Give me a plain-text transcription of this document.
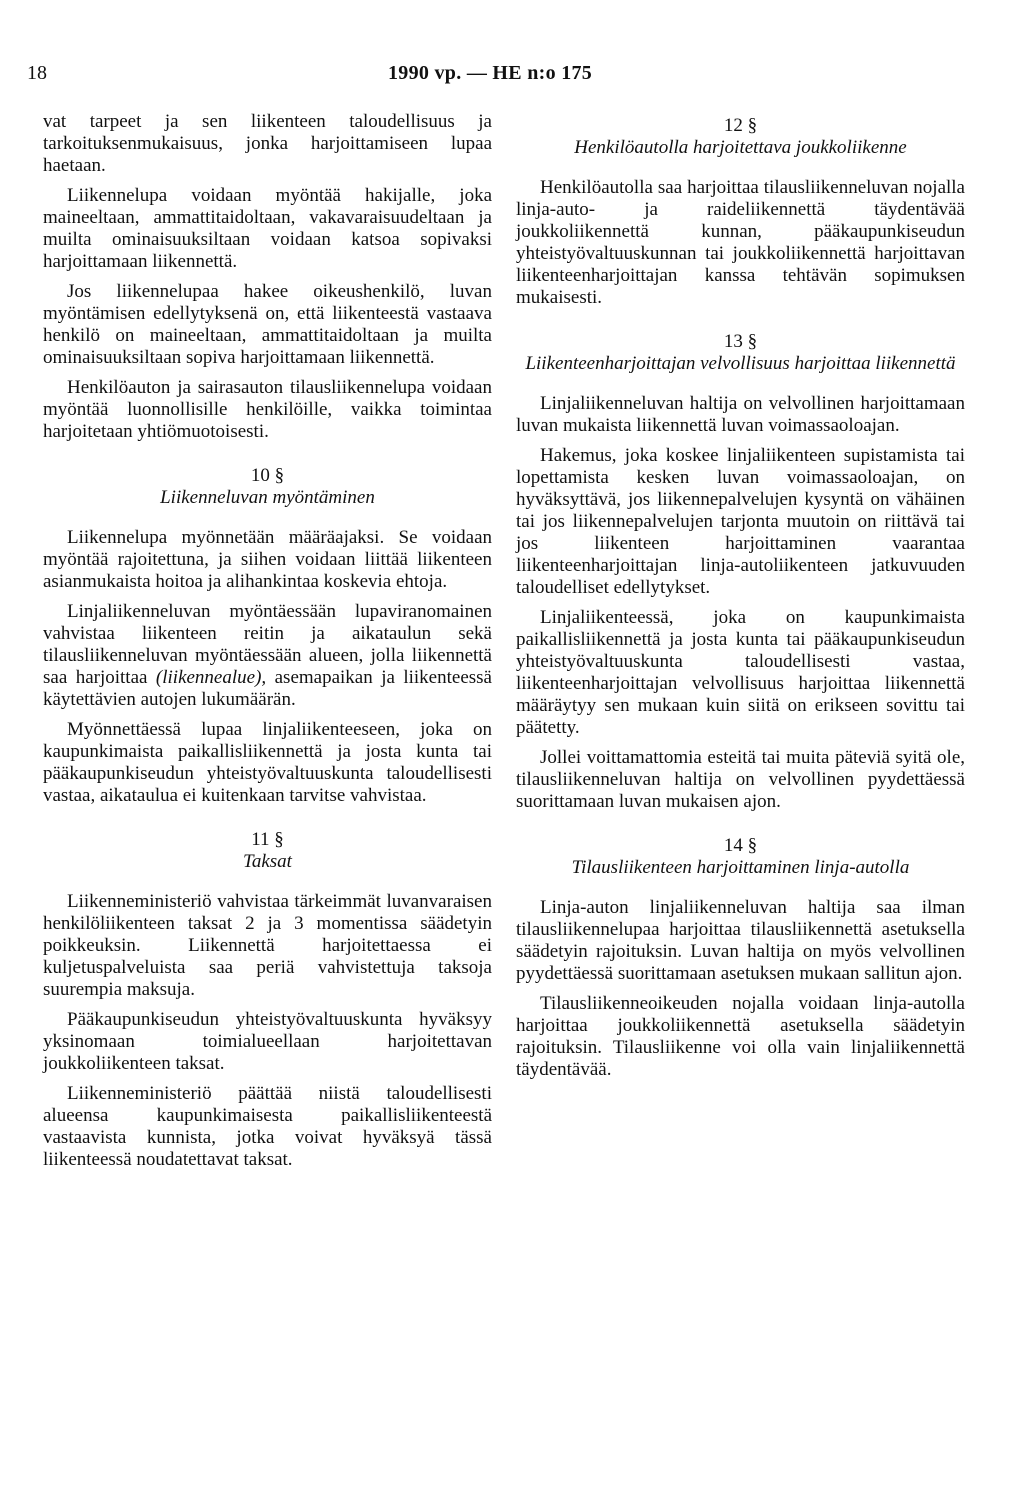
18	1990 vp. — HE n:o 175

vat tarpeet ja sen liikenteen taloudellisuus ja tarkoituksenmukaisuus, jonka harjoittamiseen lupaa haetaan.

Liikennelupa voidaan myöntää hakijalle, joka maineeltaan, ammattitaidoltaan, vakavaraisuudeltaan ja muilta ominaisuuksiltaan voidaan katsoa sopivaksi harjoittamaan liikennettä.

Jos liikennelupaa hakee oikeushenkilö, luvan myöntämisen edellytyksenä on, että liikenteestä vastaava henkilö on maineeltaan, ammattitaidoltaan ja muilta ominaisuuksiltaan sopiva harjoittamaan liikennettä.

Henkilöauton ja sairasauton tilausliikennelupa voidaan myöntää luonnollisille henkilöille, vaikka toimintaa harjoitetaan yhtiömuotoisesti.

10 §
Liikenneluvan myöntäminen

Liikennelupa myönnetään määräajaksi. Se voidaan myöntää rajoitettuna, ja siihen voidaan liittää liikenteen asianmukaista hoitoa ja alihankintaa koskevia ehtoja.

Linjaliikenneluvan myöntäessään lupaviranomainen vahvistaa liikenteen reitin ja aikataulun sekä tilausliikenneluvan myöntäessään alueen, jolla liikennettä saa harjoittaa (liikennealue), asemapaikan ja liikenteessä käytettävien autojen lukumäärän.

Myönnettäessä lupaa linjaliikenteeseen, joka on kaupunkimaista paikallisliikennettä ja josta kunta tai pääkaupunkiseudun yhteistyövaltuuskunta taloudellisesti vastaa, aikataulua ei kuitenkaan tarvitse vahvistaa.

11 §
Taksat

Liikenneministeriö vahvistaa tärkeimmät luvanvaraisen henkilöliikenteen taksat 2 ja 3 momentissa säädetyin poikkeuksin. Liikennettä harjoitettaessa ei kuljetuspalveluista saa periä vahvistettuja taksoja suurempia maksuja.

Pääkaupunkiseudun yhteistyövaltuuskunta hyväksyy yksinomaan toimialueellaan harjoitettavan joukkoliikenteen taksat.

Liikenneministeriö päättää niistä taloudellisesti alueensa kaupunkimaisesta paikallisliikenteestä vastaavista kunnista, jotka voivat hyväksyä tässä liikenteessä noudatettavat taksat.

12 §
Henkilöautolla harjoitettava joukkoliikenne

Henkilöautolla saa harjoittaa tilausliikenneluvan nojalla linja-auto- ja raideliikennettä täydentävää joukkoliikennettä kunnan, pääkaupunkiseudun yhteistyövaltuuskunnan tai joukkoliikennettä harjoittavan liikenteenharjoittajan kanssa tehtävän sopimuksen mukaisesti.

13 §
Liikenteenharjoittajan velvollisuus harjoittaa liikennettä

Linjaliikenneluvan haltija on velvollinen harjoittamaan luvan mukaista liikennettä luvan voimassaoloajan.

Hakemus, joka koskee linjaliikenteen supistamista tai lopettamista kesken luvan voimassaoloajan, on hyväksyttävä, jos liikennepalvelujen kysyntä on vähäinen tai jos liikennepalvelujen tarjonta muutoin on riittävä tai jos liikenteen harjoittaminen vaarantaa liikenteenharjoittajan linja-autoliikenteen jatkuvuuden taloudelliset edellytykset.

Linjaliikenteessä, joka on kaupunkimaista paikallisliikennettä ja josta kunta tai pääkaupunkiseudun yhteistyövaltuuskunta taloudellisesti vastaa, liikenteenharjoittajan velvollisuus harjoittaa liikennettä määräytyy sen mukaan kuin siitä on erikseen sovittu tai päätetty.

Jollei voittamattomia esteitä tai muita päteviä syitä ole, tilausliikenneluvan haltija on velvollinen pyydettäessä suorittamaan luvan mukaisen ajon.

14 §
Tilausliikenteen harjoittaminen linja-autolla

Linja-auton linjaliikenneluvan haltija saa ilman tilausliikennelupaa harjoittaa tilausliikennettä asetuksella säädetyin rajoituksin. Luvan haltija on myös velvollinen pyydettäessä suorittamaan asetuksen mukaan sallitun ajon.

Tilausliikenneoikeuden nojalla voidaan linja-autolla harjoittaa joukkoliikennettä asetuksella säädetyin rajoituksin. Tilausliikenne voi olla vain linjaliikennettä täydentävää.
